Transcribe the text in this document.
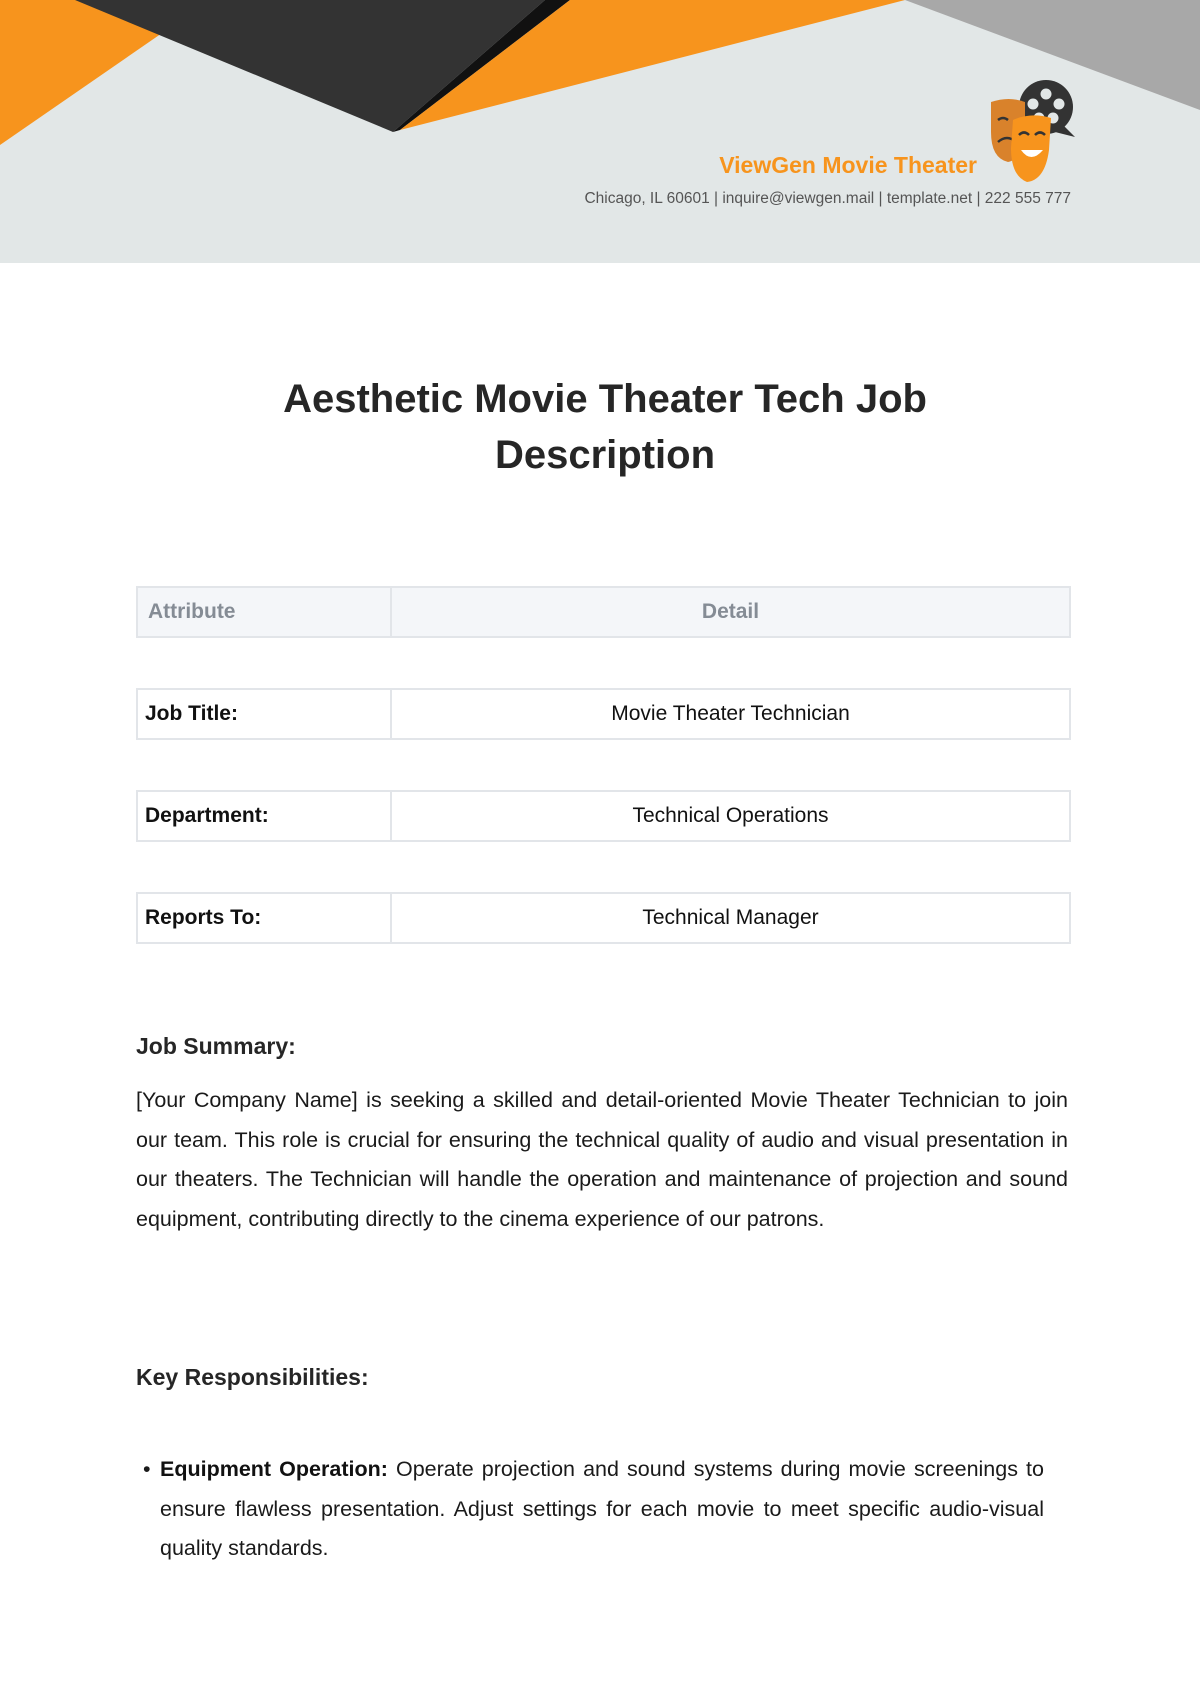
ViewGen Movie Theater
Chicago, IL 60601 | inquire@viewgen.mail | template.net | 222 555 777
Aesthetic Movie Theater Tech Job Description
Attribute	Detail
Job Title:	Movie Theater Technician
Department:	Technical Operations
Reports To:	Technical Manager
Job Summary:

[Your Company Name] is seeking a skilled and detail-oriented Movie Theater Technician to join our team. This role is crucial for ensuring the technical quality of audio and visual presentation in our theaters. The Technician will handle the operation and maintenance of projection and sound equipment, contributing directly to the cinema experience of our patrons.

Key Responsibilities:
• Equipment Operation: Operate projection and sound systems during movie screenings to ensure flawless presentation. Adjust settings for each movie to meet specific audio-visual quality standards.
